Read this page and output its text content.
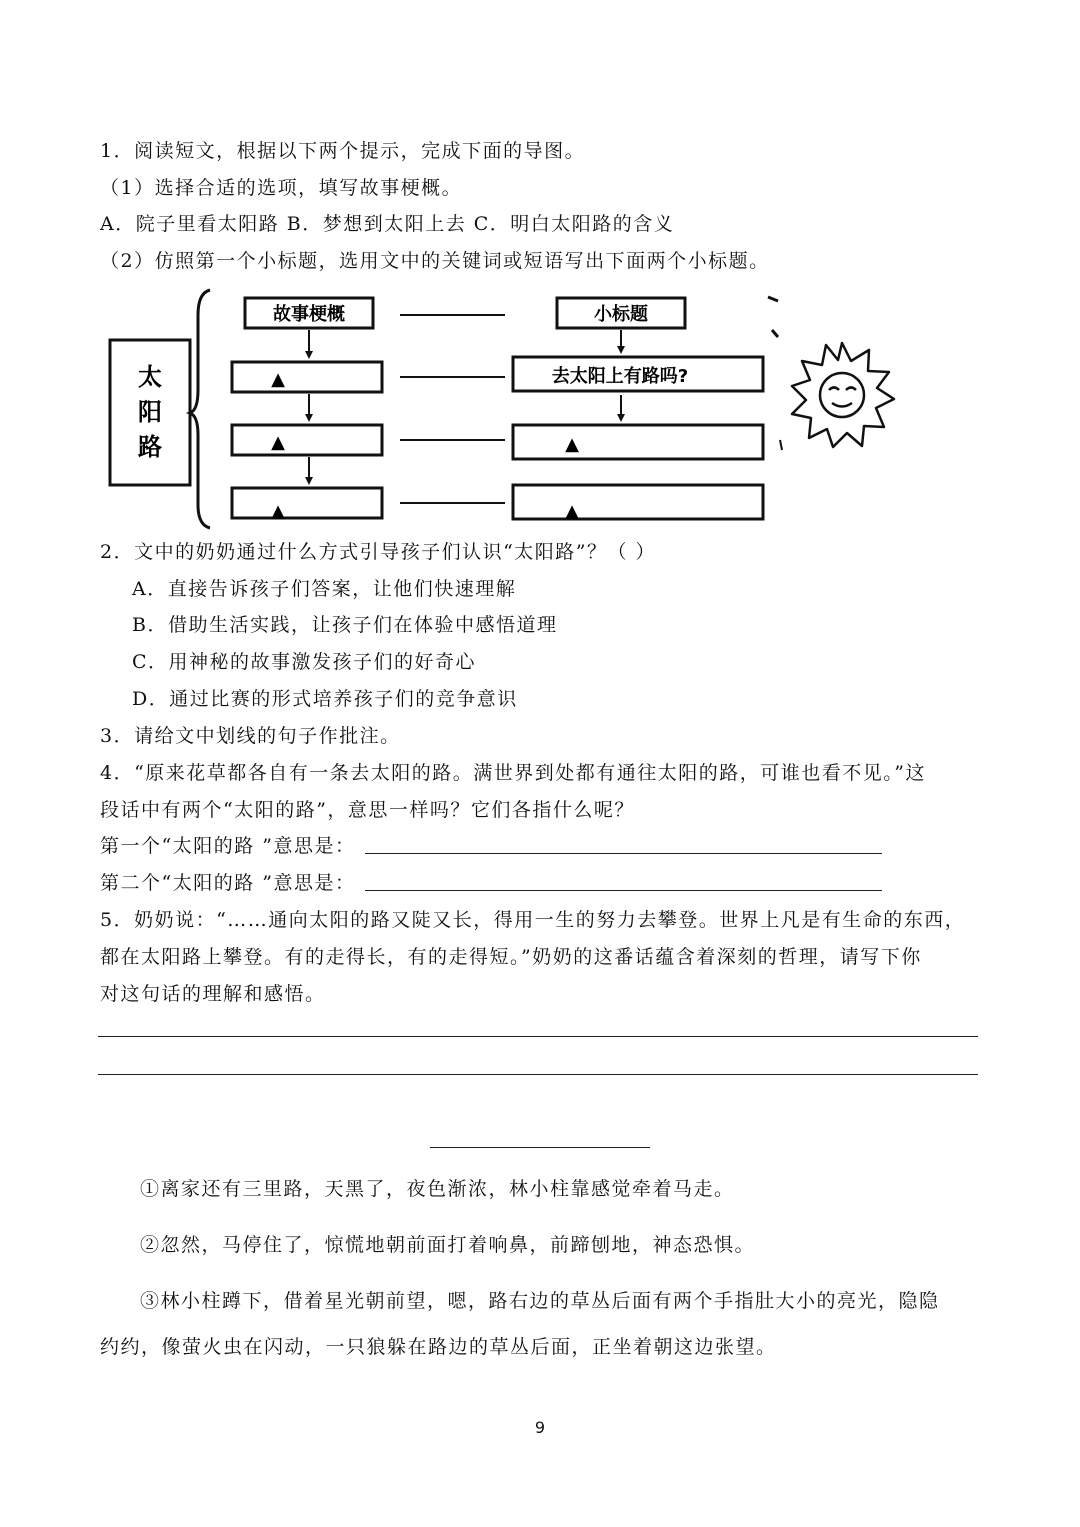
1．阅读短文，根据以下两个提示，完成下面的导图。
（1）选择合适的选项，填写故事梗概。
A．院子里看太阳路 B．梦想到太阳上去 C．明白太阳路的含义
（2）仿照第一个小标题，选用文中的关键词或短语写出下面两个小标题。
太
阳
路
故事梗概
▲
▲
▲
小标题
去太阳上有路吗?
▲
▲
2．文中的奶奶通过什么方式引导孩子们认识“太阳路”？（ ）
A．直接告诉孩子们答案，让他们快速理解
B．借助生活实践，让孩子们在体验中感悟道理
C．用神秘的故事激发孩子们的好奇心
D．通过比赛的形式培养孩子们的竞争意识
3．请给文中划线的句子作批注。
4．“原来花草都各自有一条去太阳的路。满世界到处都有通往太阳的路，可谁也看不见。”这
段话中有两个“太阳的路”，意思一样吗？它们各指什么呢？
第一个“太阳的路 ”意思是：
第二个“太阳的路 ”意思是：
5．奶奶说：“……通向太阳的路又陡又长，得用一生的努力去攀登。世界上凡是有生命的东西，
都在太阳路上攀登。有的走得长，有的走得短。”奶奶的这番话蕴含着深刻的哲理，请写下你
对这句话的理解和感悟。
①离家还有三里路，天黑了，夜色渐浓，林小柱靠感觉牵着马走。
②忽然，马停住了，惊慌地朝前面打着响鼻，前蹄刨地，神态恐惧。
③林小柱蹲下，借着星光朝前望，嗯，路右边的草丛后面有两个手指肚大小的亮光，隐隐
约约，像萤火虫在闪动，一只狼躲在路边的草丛后面，正坐着朝这边张望。
9
